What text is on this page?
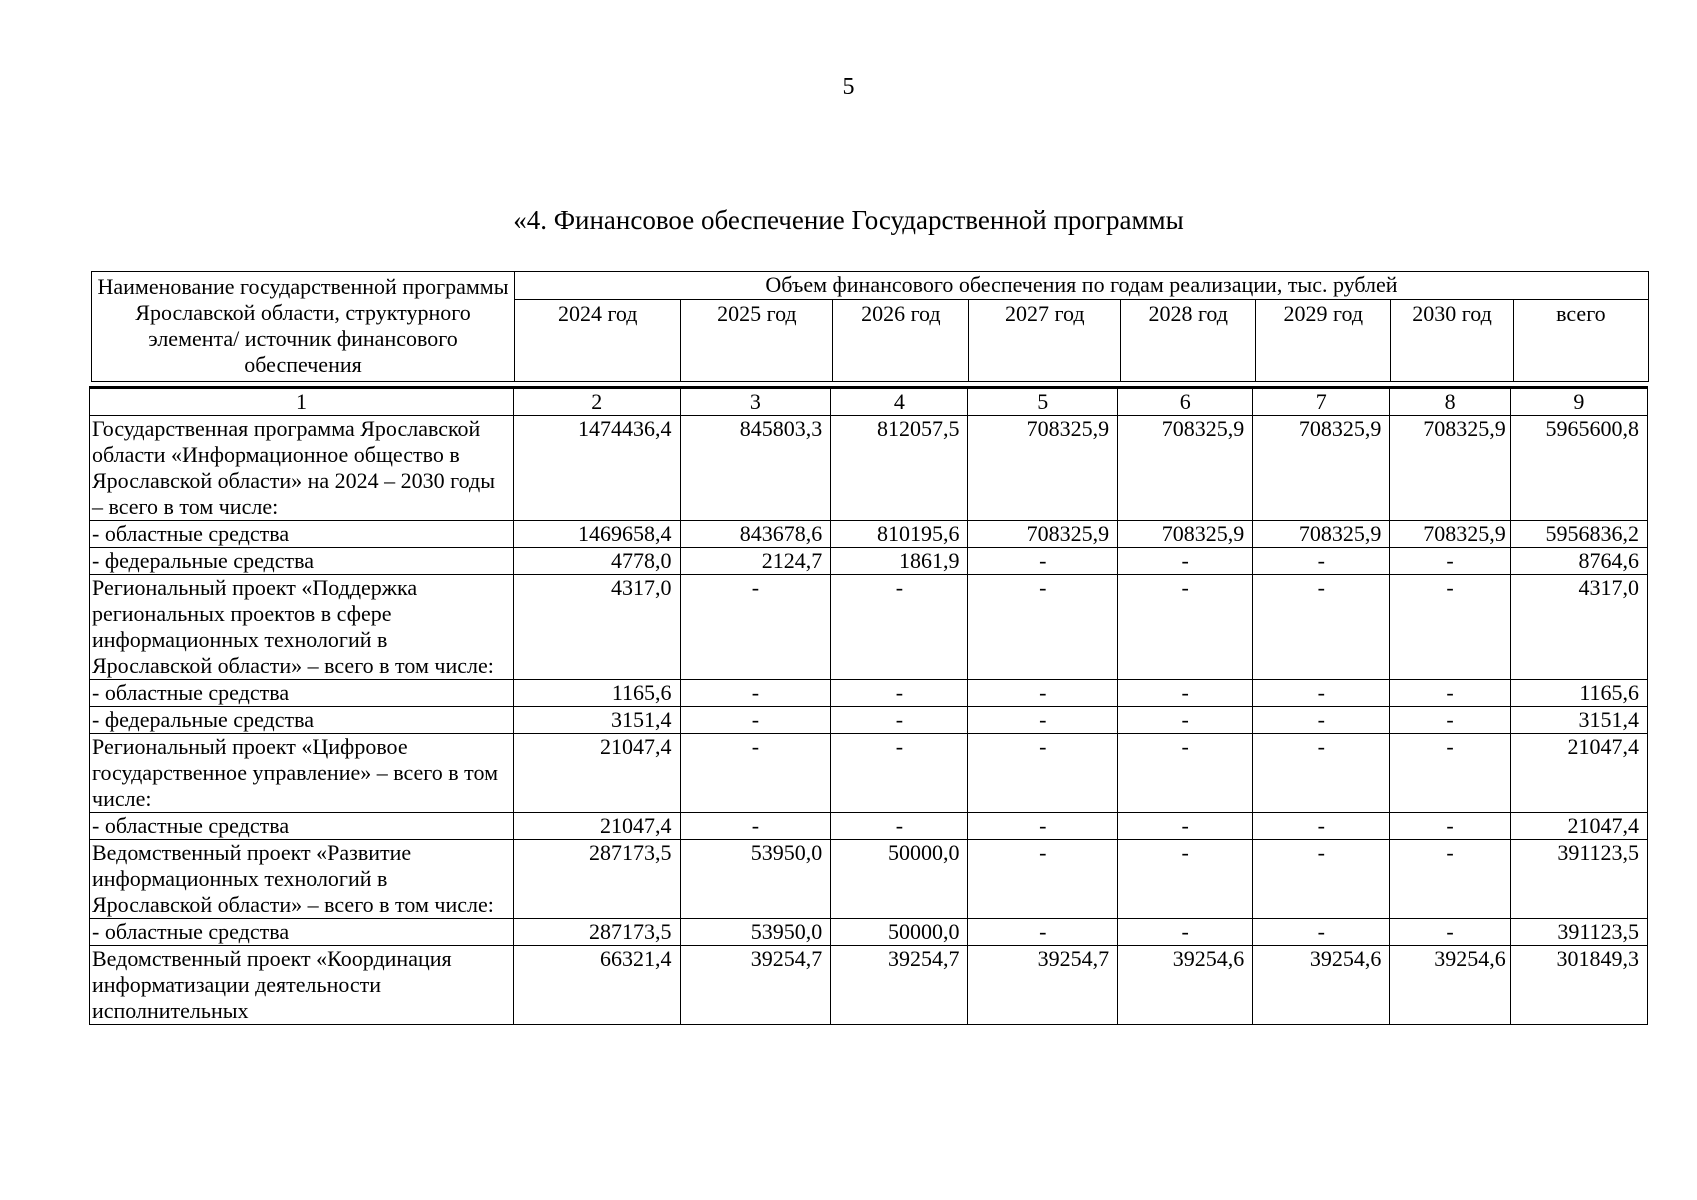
5
«4. Финансовое обеспечение Государственной программы
Наименование государственной программы Ярославской области, структурного элемента/ источник финансового обеспечения	Объем финансового обеспечения по годам реализации, тыс. рублей							
	2024 год	2025 год	2026 год	2027 год	2028 год	2029 год	2030 год	всего
1	2	3	4	5	6	7	8	9
Государственная программа Ярославской области «Информационное общество в Ярославской области» на 2024 – 2030 годы – всего в том числе:	1474436,4	845803,3	812057,5	708325,9	708325,9	708325,9	708325,9	5965600,8
- областные средства	1469658,4	843678,6	810195,6	708325,9	708325,9	708325,9	708325,9	5956836,2
- федеральные средства	4778,0	2124,7	1861,9	-	-	-	-	8764,6
Региональный проект «Поддержка региональных проектов в сфере информационных технологий в Ярославской области» – всего в том числе:	4317,0	-	-	-	-	-	-	4317,0
- областные средства	1165,6	-	-	-	-	-	-	1165,6
- федеральные средства	3151,4	-	-	-	-	-	-	3151,4
Региональный проект «Цифровое государственное управление» – всего в том числе:	21047,4	-	-	-	-	-	-	21047,4
- областные средства	21047,4	-	-	-	-	-	-	21047,4
Ведомственный проект «Развитие информационных технологий в Ярославской области» – всего в том числе:	287173,5	53950,0	50000,0	-	-	-	-	391123,5
- областные средства	287173,5	53950,0	50000,0	-	-	-	-	391123,5
Ведомственный проект «Координация информатизации деятельности исполнительных	66321,4	39254,7	39254,7	39254,7	39254,6	39254,6	39254,6	301849,3
